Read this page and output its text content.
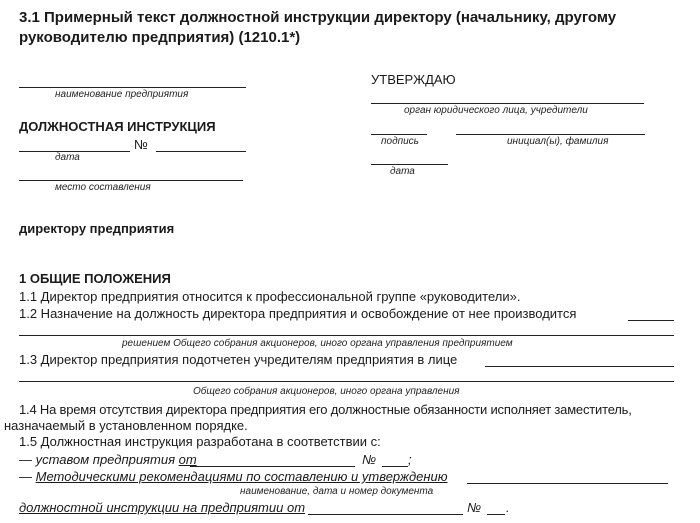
3.1 Примерный текст должностной инструкции директору (начальнику, другому
руководителю предприятия) (1210.1*)
наименование предприятия
ДОЛЖНОСТНАЯ ИНСТРУКЦИЯ
№
дата
место составления
УТВЕРЖДАЮ
орган юридического лица, учредители
подпись	инициал(ы), фамилия
дата
директору предприятия
1 ОБЩИЕ ПОЛОЖЕНИЯ
1.1 Директор предприятия относится к профессиональной группе «руководители».
1.2 Назначение на должность директора предприятия и освобождение от нее производится
решением Общего собрания акционеров, иного органа управления предприятием
1.3 Директор предприятия подотчетен учредителям предприятия в лице
Общего собрания акционеров, иного органа управления
1.4 На время отсутствия директора предприятия его должностные обязанности исполняет заместитель,
назначаемый в установленном порядке.
1.5 Должностная инструкция разработана в соответствии с:
— уставом предприятия от	№ ;
— Методическими рекомендациями по составлению и утверждению
наименование, дата и номер документа
должностной инструкции на предприятии от	№ .
